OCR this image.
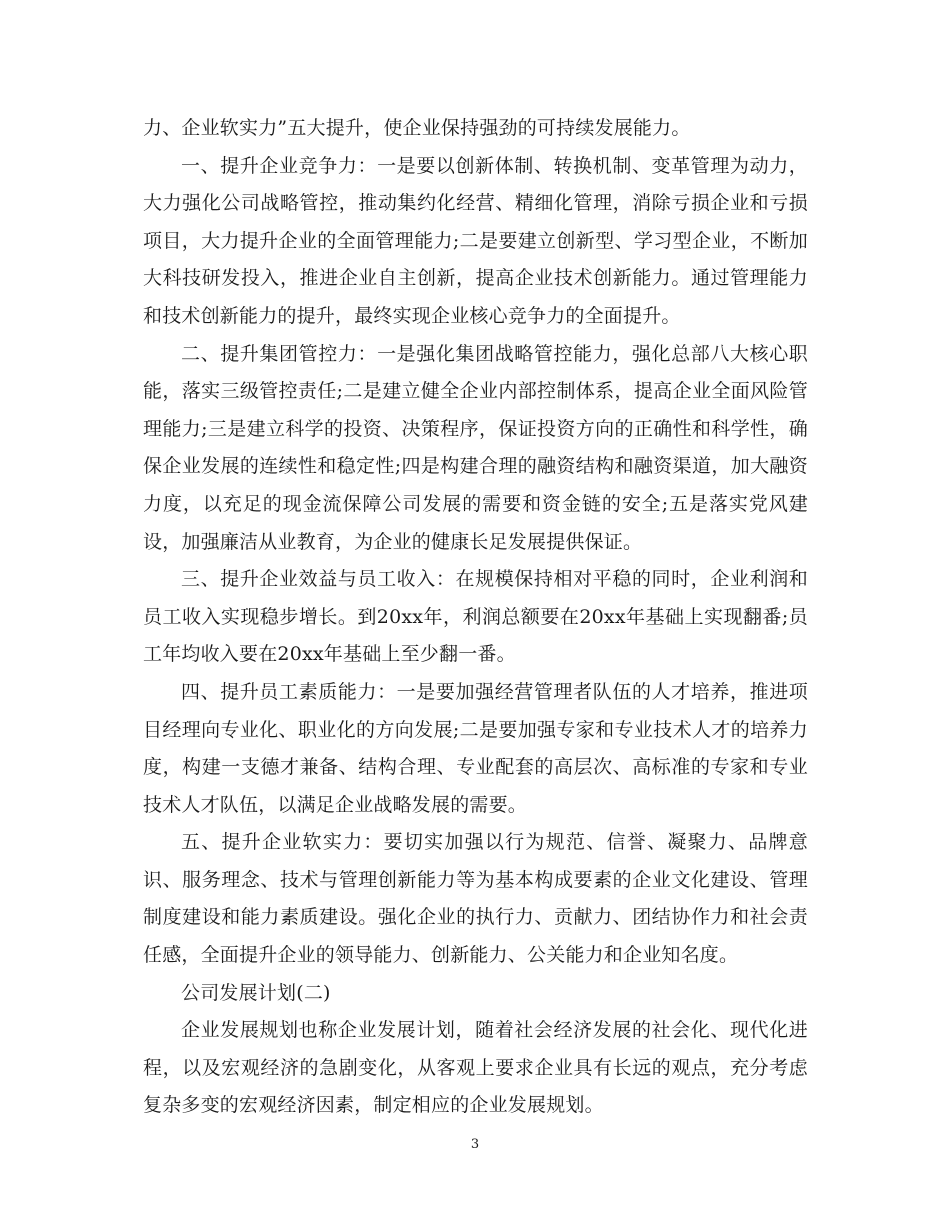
力、企业软实力”五大提升，使企业保持强劲的可持续发展能力。

一、提升企业竞争力：一是要以创新体制、转换机制、变革管理为动力，大力强化公司战略管控，推动集约化经营、精细化管理，消除亏损企业和亏损项目，大力提升企业的全面管理能力;二是要建立创新型、学习型企业，不断加大科技研发投入，推进企业自主创新，提高企业技术创新能力。通过管理能力和技术创新能力的提升，最终实现企业核心竞争力的全面提升。

二、提升集团管控力：一是强化集团战略管控能力，强化总部八大核心职能，落实三级管控责任;二是建立健全企业内部控制体系，提高企业全面风险管理能力;三是建立科学的投资、决策程序，保证投资方向的正确性和科学性，确保企业发展的连续性和稳定性;四是构建合理的融资结构和融资渠道，加大融资力度，以充足的现金流保障公司发展的需要和资金链的安全;五是落实党风建设，加强廉洁从业教育，为企业的健康长足发展提供保证。

三、提升企业效益与员工收入：在规模保持相对平稳的同时，企业利润和员工收入实现稳步增长。到20xx年，利润总额要在20xx年基础上实现翻番;员工年均收入要在20xx年基础上至少翻一番。

四、提升员工素质能力：一是要加强经营管理者队伍的人才培养，推进项目经理向专业化、职业化的方向发展;二是要加强专家和专业技术人才的培养力度，构建一支德才兼备、结构合理、专业配套的高层次、高标准的专家和专业技术人才队伍，以满足企业战略发展的需要。

五、提升企业软实力：要切实加强以行为规范、信誉、凝聚力、品牌意识、服务理念、技术与管理创新能力等为基本构成要素的企业文化建设、管理制度建设和能力素质建设。强化企业的执行力、贡献力、团结协作力和社会责任感，全面提升企业的领导能力、创新能力、公关能力和企业知名度。

公司发展计划(二)

企业发展规划也称企业发展计划，随着社会经济发展的社会化、现代化进程，以及宏观经济的急剧变化，从客观上要求企业具有长远的观点，充分考虑复杂多变的宏观经济因素，制定相应的企业发展规划。

3
